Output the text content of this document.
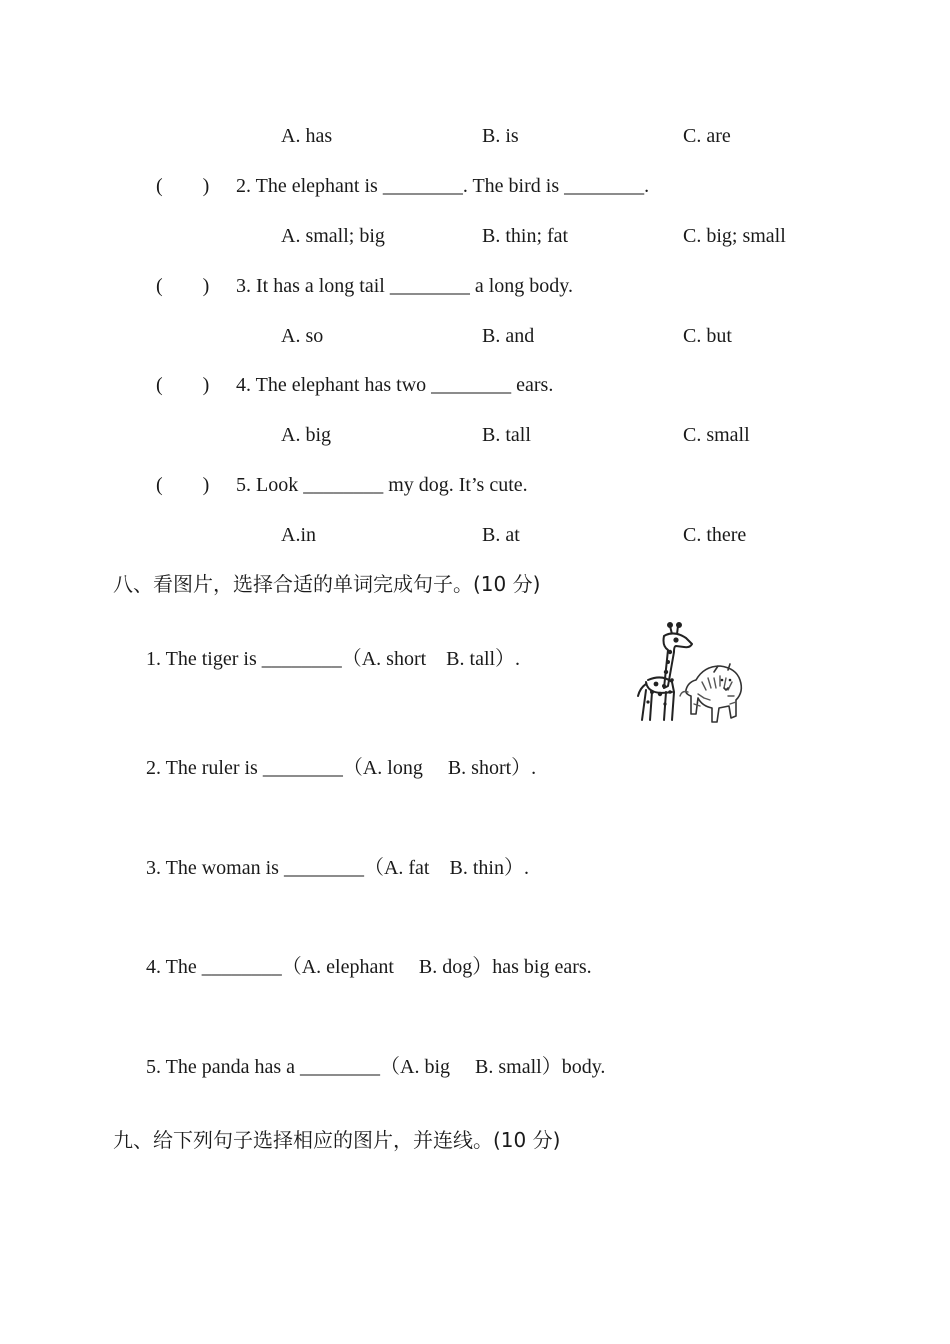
A. has	B. is	C. are
(　　) 2. The elephant is ________. The bird is ________.
A. small; big	B. thin; fat	C. big; small
(　　) 3. It has a long tail ________ a long body.
A. so	B. and	C. but
(　　) 4. The elephant has two ________ ears.
A. big	B. tall	C. small
(　　) 5. Look ________ my dog. It’s cute.
A.in	B. at	C. there
八、看图片，选择合适的单词完成句子。(10 分)
1. The tiger is ________（A. short　B. tall）.
2. The ruler is ________（A. long　 B. short）.
3. The woman is ________（A. fat　B. thin）.
4. The ________（A. elephant　 B. dog）has big ears.
5. The panda has a ________（A. big　 B. small）body.
九、给下列句子选择相应的图片，并连线。(10 分)
